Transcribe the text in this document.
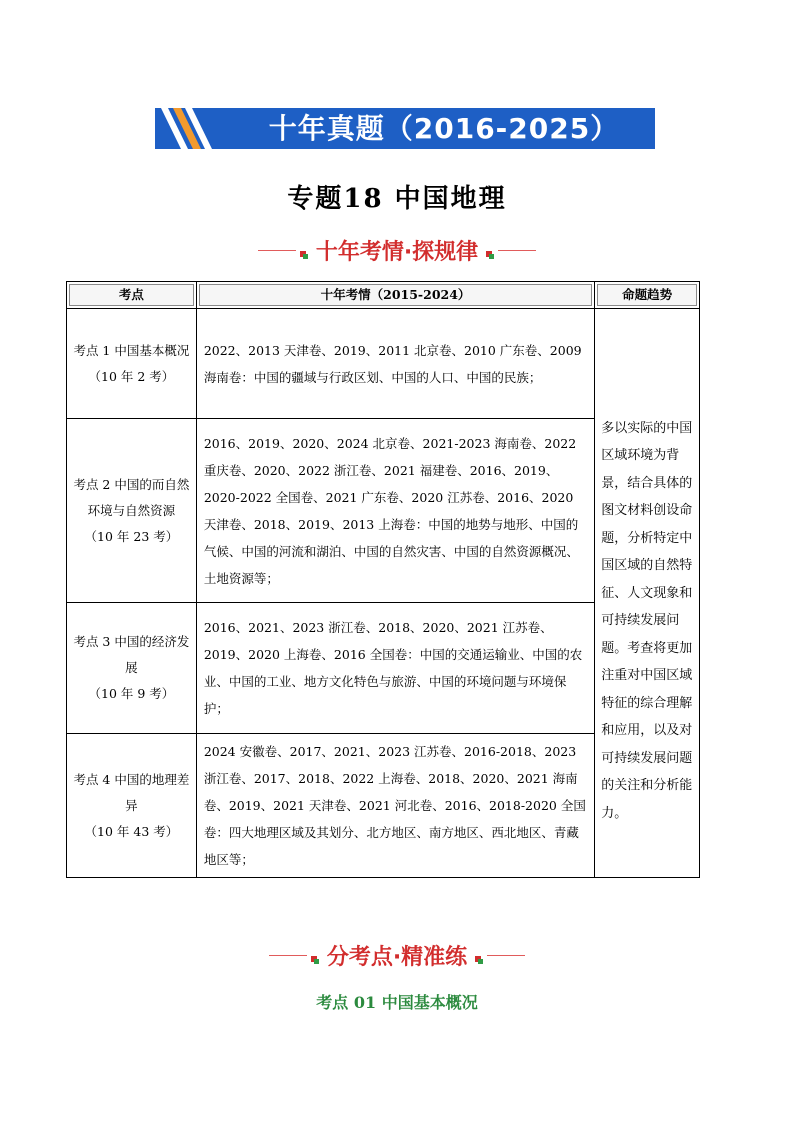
十年真题（2016-2025）
专题18 中国地理
十年考情·探规律
考点	十年考情（2015-2024）	命题趋势

考点 1 中国基本概况
（10 年 2 考）	2022、2013 天津卷、2019、2011 北京卷、2010 广东卷、2009 海南卷：中国的疆域与行政区划、中国的人口、中国的民族；	多以实际的中国区域环境为背景，结合具体的图文材料创设命题，分析特定中国区域的自然特征、人文现象和可持续发展问题。考查将更加注重对中国区域特征的综合理解和应用，以及对可持续发展问题的关注和分析能力。

考点 2 中国的而自然环境与自然资源
（10 年 23 考）	2016、2019、2020、2024 北京卷、2021-2023 海南卷、2022 重庆卷、2020、2022 浙江卷、2021 福建卷、2016、2019、2020-2022 全国卷、2021 广东卷、2020 江苏卷、2016、2020 天津卷、2018、2019、2013 上海卷：中国的地势与地形、中国的气候、中国的河流和湖泊、中国的自然灾害、中国的自然资源概况、土地资源等；	
考点 3 中国的经济发展
（10 年 9 考）	2016、2021、2023 浙江卷、2018、2020、2021 江苏卷、2019、2020 上海卷、2016 全国卷：中国的交通运输业、中国的农业、中国的工业、地方文化特色与旅游、中国的环境问题与环境保护；	
考点 4 中国的地理差异
（10 年 43 考）	2024 安徽卷、2017、2021、2023 江苏卷、2016-2018、2023 浙江卷、2017、2018、2022 上海卷、2018、2020、2021 海南卷、2019、2021 天津卷、2021 河北卷、2016、2018-2020 全国卷：四大地理区域及其划分、北方地区、南方地区、西北地区、青藏地区等；	
分考点·精准练
考点 01 中国基本概况
